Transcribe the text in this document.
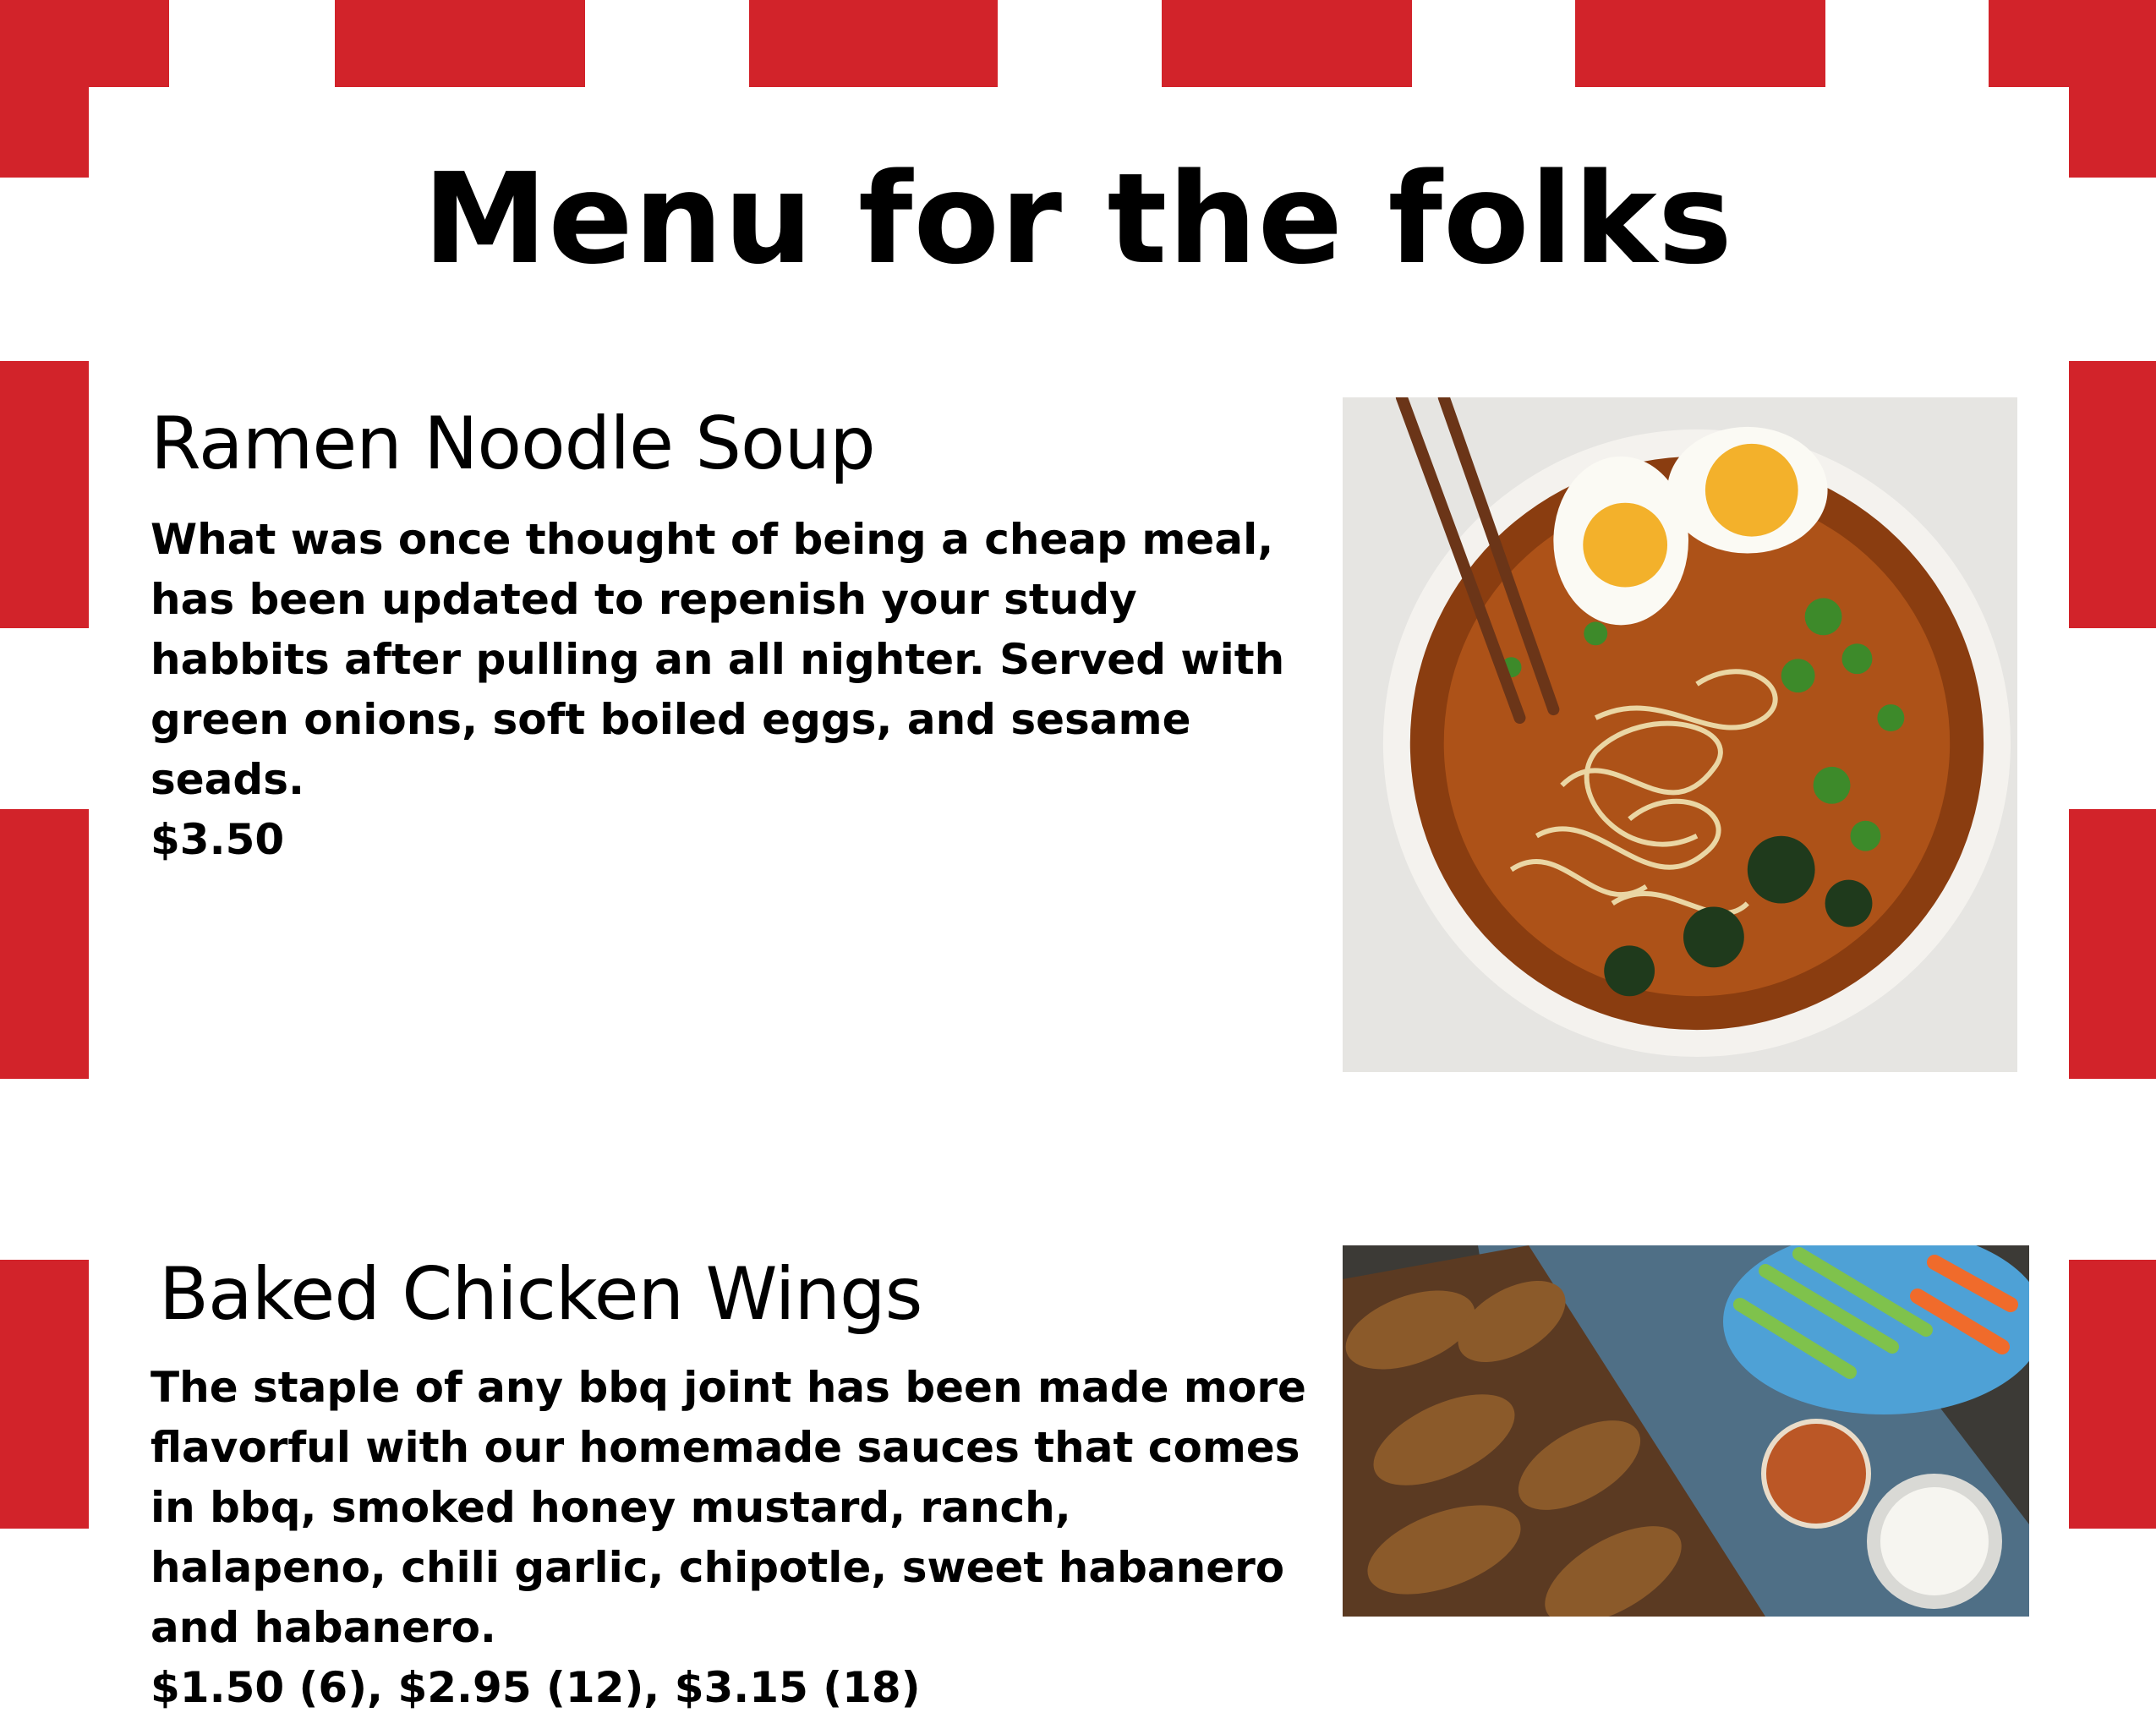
Menu for the folks
Ramen Noodle Soup

What was once thought of being a cheap meal, has been updated to repenish your study habbits after pulling an all nighter. Served with green onions, soft boiled eggs, and sesame seads.
$3.50

Baked Chicken Wings

The staple of any bbq joint has been made more flavorful with our homemade sauces that comes in bbq, smoked honey mustard, ranch, halapeno, chili garlic, chipotle, sweet habanero and habanero.
$1.50 (6), $2.95 (12), $3.15 (18)
